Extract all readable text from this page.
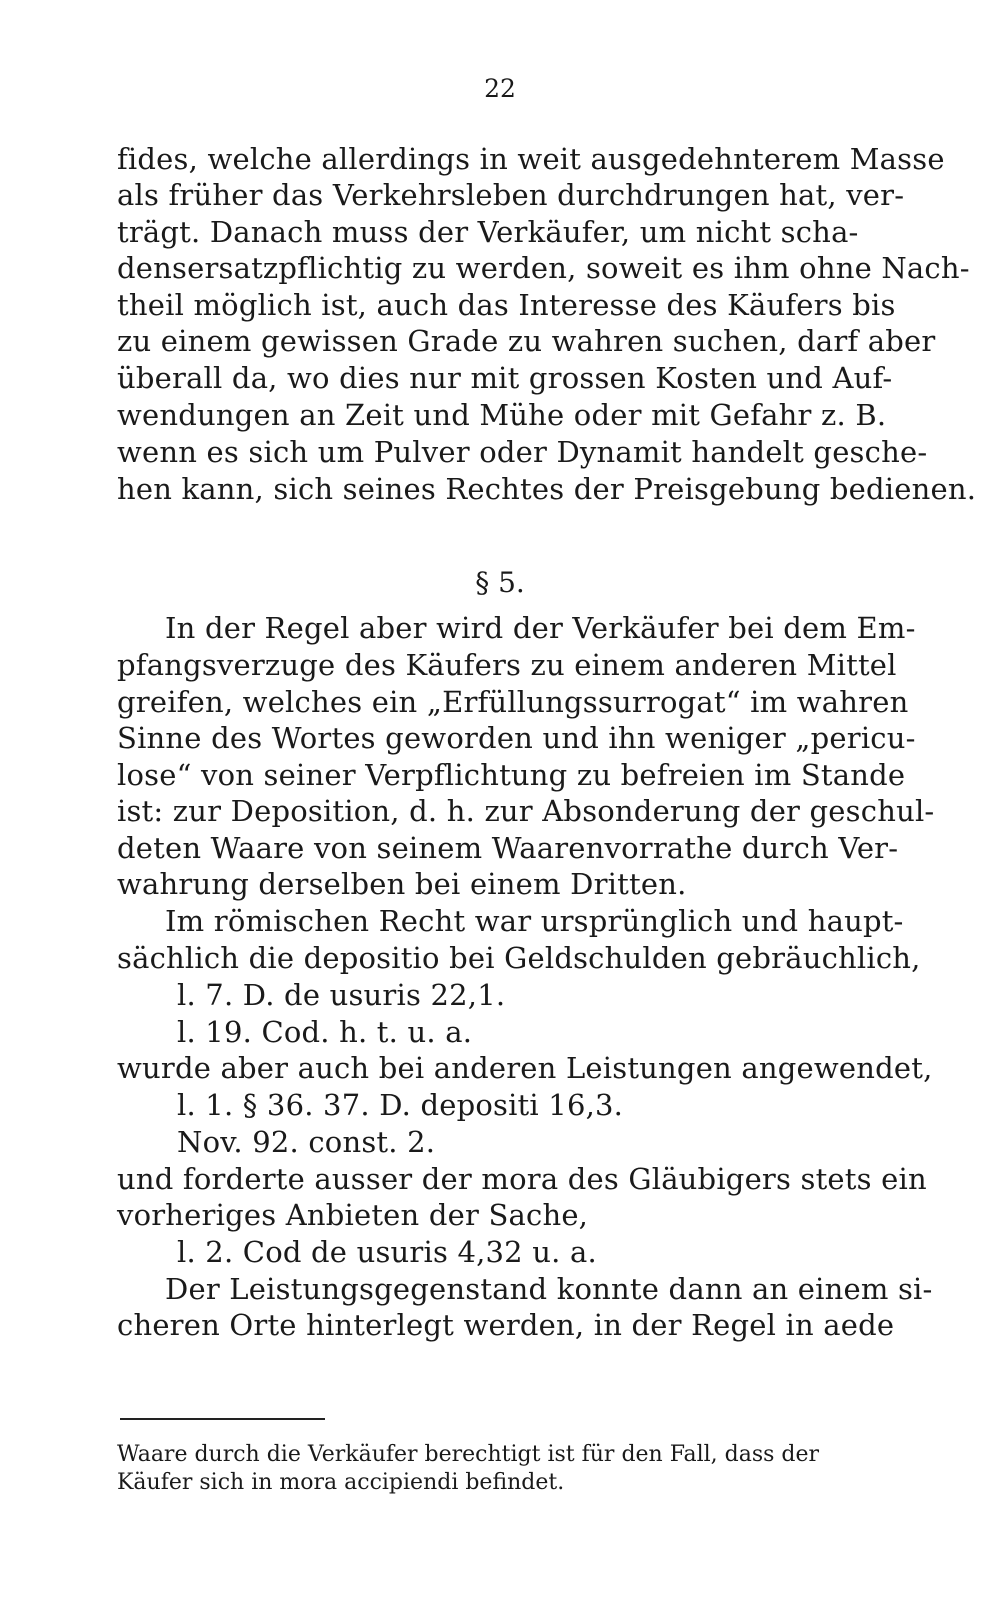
22
fides, welche allerdings in weit ausgedehnterem Masse
als früher das Verkehrsleben durchdrungen hat, ver-
trägt. Danach muss der Verkäufer, um nicht scha-
densersatzpflichtig zu werden, soweit es ihm ohne Nach-
theil möglich ist, auch das Interesse des Käufers bis
zu einem gewissen Grade zu wahren suchen, darf aber
überall da, wo dies nur mit grossen Kosten und Auf-
wendungen an Zeit und Mühe oder mit Gefahr z. B.
wenn es sich um Pulver oder Dynamit handelt gesche-
hen kann, sich seines Rechtes der Preisgebung bedienen.
§ 5.
In der Regel aber wird der Verkäufer bei dem Em-
pfangsverzuge des Käufers zu einem anderen Mittel
greifen, welches ein „Erfüllungssurrogat“ im wahren
Sinne des Wortes geworden und ihn weniger „pericu-
lose“ von seiner Verpflichtung zu befreien im Stande
ist: zur Deposition, d. h. zur Absonderung der geschul-
deten Waare von seinem Waarenvorrathe durch Ver-
wahrung derselben bei einem Dritten.
Im römischen Recht war ursprünglich und haupt-
sächlich die depositio bei Geldschulden gebräuchlich,
l. 7. D. de usuris 22,1.
l. 19. Cod. h. t. u. a.
wurde aber auch bei anderen Leistungen angewendet,
l. 1. § 36. 37. D. depositi 16,3.
Nov. 92. const. 2.
und forderte ausser der mora des Gläubigers stets ein
vorheriges Anbieten der Sache,
l. 2. Cod de usuris 4,32 u. a.
Der Leistungsgegenstand konnte dann an einem si-
cheren Orte hinterlegt werden, in der Regel in aede
Waare durch die Verkäufer berechtigt ist für den Fall, dass der
Käufer sich in mora accipiendi befindet.
